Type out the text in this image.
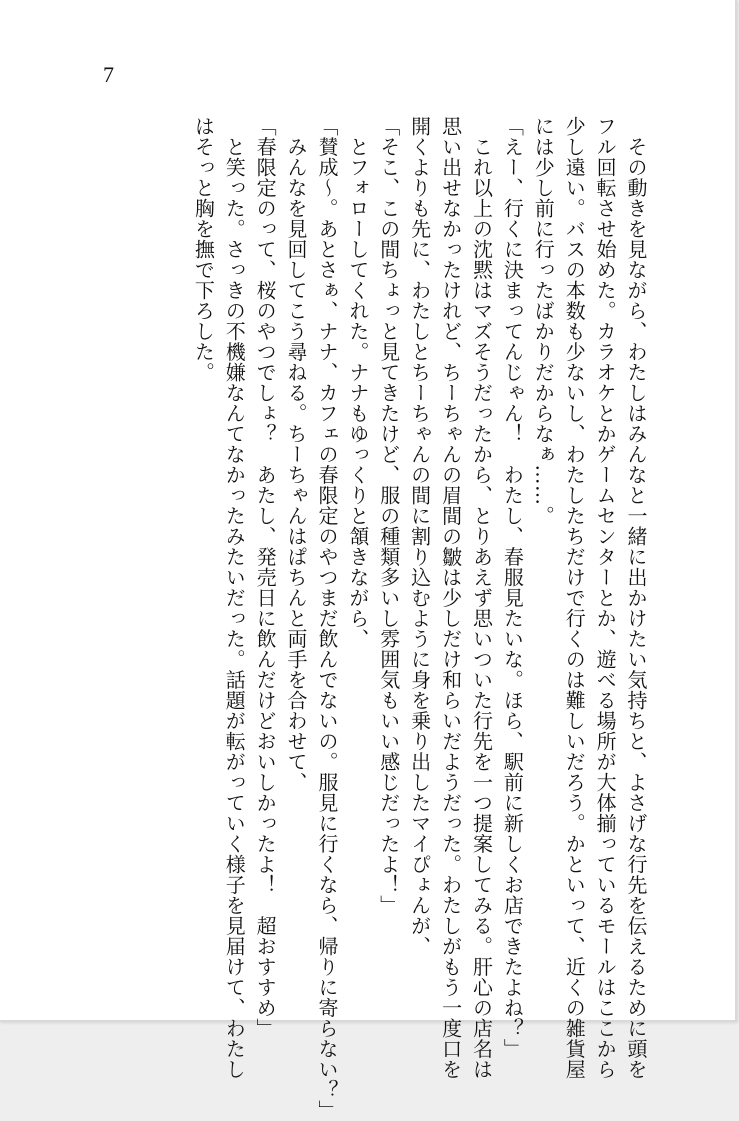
7

　その動きを見ながら、わたしはみんなと一緒に出かけたい気持ちと、よさげな行先を伝えるために頭を

フル回転させ始めた。カラオケとかゲームセンターとか、遊べる場所が大体揃っているモールはここから

少し遠い。バスの本数も少ないし、わたしたちだけで行くのは難しいだろう。かといって、近くの雑貨屋

には少し前に行ったばかりだからなぁ……。

「えー、行くに決まってんじゃん！　わたし、春服見たいな。ほら、駅前に新しくお店できたよね？」

　これ以上の沈黙はマズそうだったから、とりあえず思いついた行先を一つ提案してみる。肝心の店名は

思い出せなかったけれど、ちーちゃんの眉間の皺は少しだけ和らいだようだった。わたしがもう一度口を

開くよりも先に、わたしとちーちゃんの間に割り込むように身を乗り出したマイぴょんが、

「そこ、この間ちょっと見てきたけど、服の種類多いし雰囲気もいい感じだったよ！」

　とフォローしてくれた。ナナもゆっくりと頷きながら、

「賛成～。あとさぁ、ナナ、カフェの春限定のやつまだ飲んでないの。服見に行くなら、帰りに寄らない？」

　みんなを見回してこう尋ねる。ちーちゃんはぱちんと両手を合わせて、

「春限定のって、桜のやつでしょ？　あたし、発売日に飲んだけどおいしかったよ！　超おすすめ」

　と笑った。さっきの不機嫌なんてなかったみたいだった。話題が転がっていく様子を見届けて、わたし

はそっと胸を撫で下ろした。
